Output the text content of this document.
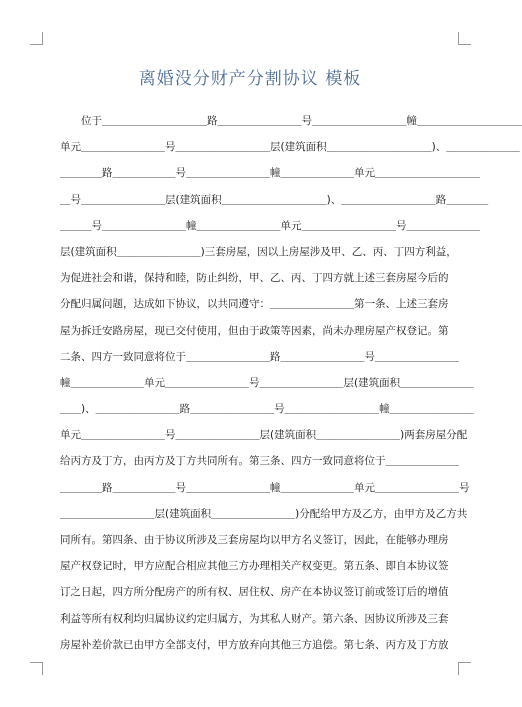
离婚没分财产分割协议 模板
　　位于＿＿＿＿＿＿＿＿＿＿路＿＿＿＿＿＿＿＿号＿＿＿＿＿＿＿＿＿幢＿＿＿＿＿＿＿＿＿＿
单元＿＿＿＿＿＿＿＿号＿＿＿＿＿＿＿＿＿层(建筑面积＿＿＿＿＿＿＿＿＿＿)、＿＿＿＿＿＿＿
＿＿＿＿路＿＿＿＿＿＿号＿＿＿＿＿＿＿＿幢＿＿＿＿＿＿＿单元＿＿＿＿＿＿＿＿＿＿
＿号＿＿＿＿＿＿＿＿层(建筑面积＿＿＿＿＿＿＿＿＿＿)、＿＿＿＿＿＿＿＿＿路＿＿＿＿
＿＿＿号＿＿＿＿＿＿＿＿幢＿＿＿＿＿＿＿＿单元＿＿＿＿＿＿＿＿＿号＿＿＿＿＿＿＿
层(建筑面积＿＿＿＿＿＿＿＿)三套房屋，因以上房屋涉及甲、乙、丙、丁四方利益，
为促进社会和谐，保持和睦，防止纠纷，甲、乙、丙、丁四方就上述三套房屋今后的
分配归属问题，达成如下协议，以共同遵守：＿＿＿＿＿＿＿＿第一条、上述三套房
屋为拆迁安路房屋，现已交付使用，但由于政策等因素，尚未办理房屋产权登记。第
二条、四方一致同意将位于＿＿＿＿＿＿＿＿路＿＿＿＿＿＿＿＿号＿＿＿＿＿＿＿＿
幢＿＿＿＿＿＿＿单元＿＿＿＿＿＿＿＿号＿＿＿＿＿＿＿＿层(建筑面积＿＿＿＿＿＿＿
＿＿)、＿＿＿＿＿＿＿＿路＿＿＿＿＿＿＿＿号＿＿＿＿＿＿＿＿＿幢＿＿＿＿＿＿＿＿
单元＿＿＿＿＿＿＿＿号＿＿＿＿＿＿＿＿层(建筑面积＿＿＿＿＿＿＿＿)两套房屋分配
给丙方及丁方，由丙方及丁方共同所有。第三条、四方一致同意将位于＿＿＿＿＿＿＿
＿＿＿＿路＿＿＿＿＿＿号＿＿＿＿＿＿＿＿幢＿＿＿＿＿＿＿单元＿＿＿＿＿＿＿＿号
＿＿＿＿＿＿＿＿＿层(建筑面积＿＿＿＿＿＿＿＿)分配给甲方及乙方，由甲方及乙方共
同所有。第四条、由于协议所涉及三套房屋均以甲方名义签订，因此，在能够办理房
屋产权登记时，甲方应配合相应其他三方办理相关产权变更。第五条、即自本协议签
订之日起，四方所分配房产的所有权、居住权、房产在本协议签订前或签订后的增值
利益等所有权利均归属协议约定归属方，为其私人财产。第六条、因协议所涉及三套
房屋补差价款已由甲方全部支付，甲方放弃向其他三方追偿。第七条、丙方及丁方放
